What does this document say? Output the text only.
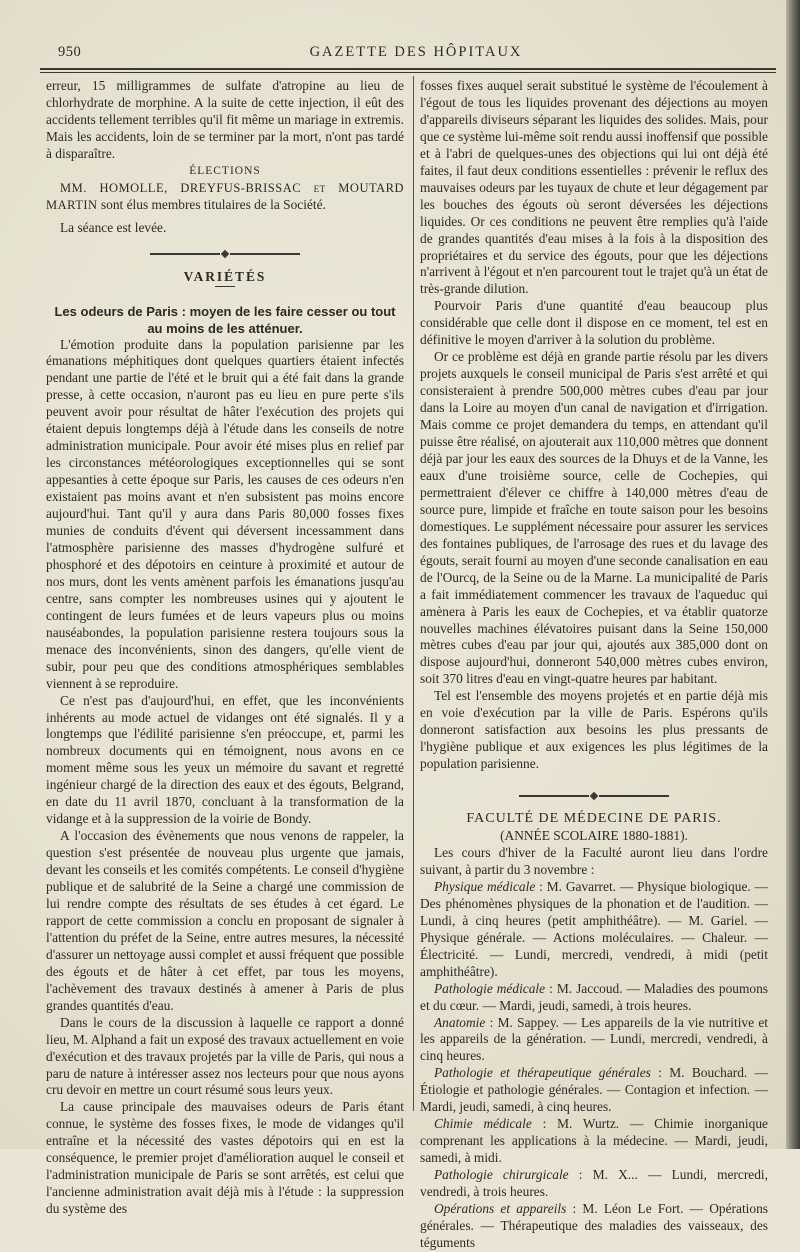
950	GAZETTE DES HÔPITAUX

erreur, 15 milligrammes de sulfate d'atropine au lieu de chlorhydrate de morphine. A la suite de cette injection, il eût des accidents tellement terribles qu'il fit même un mariage in extremis. Mais les accidents, loin de se terminer par la mort, n'ont pas tardé à disparaître.

ÉLECTIONS

MM. HOMOLLE, DREYFUS-BRISSAC et MOUTARD MARTIN sont élus membres titulaires de la Société.

La séance est levée.

VARIÉTÉS

Les odeurs de Paris : moyen de les faire cesser ou tout au moins de les atténuer.

L'émotion produite dans la population parisienne par les émanations méphitiques dont quelques quartiers étaient infectés pendant une partie de l'été et le bruit qui a été fait dans la grande presse, à cette occasion, n'auront pas eu lieu en pure perte s'ils peuvent avoir pour résultat de hâter l'exécution des projets qui étaient depuis longtemps déjà à l'étude dans les conseils de notre administration municipale. Pour avoir été mises plus en relief par les circonstances météorologiques exceptionnelles qui se sont appesanties à cette époque sur Paris, les causes de ces odeurs n'en existaient pas moins avant et n'en subsistent pas moins encore aujourd'hui. Tant qu'il y aura dans Paris 80,000 fosses fixes munies de conduits d'évent qui déversent incessamment dans l'atmosphère parisienne des masses d'hydrogène sulfuré et phosphoré et des dépotoirs en ceinture à proximité et autour de nos murs, dont les vents amènent parfois les émanations jusqu'au centre, sans compter les nombreuses usines qui y ajoutent le contingent de leurs fumées et de leurs vapeurs plus ou moins nauséabondes, la population parisienne restera toujours sous la menace des inconvénients, sinon des dangers, qu'elle vient de subir, pour peu que des conditions atmosphériques semblables viennent à se reproduire.

Ce n'est pas d'aujourd'hui, en effet, que les inconvénients inhérents au mode actuel de vidanges ont été signalés. Il y a longtemps que l'édilité parisienne s'en préoccupe, et, parmi les nombreux documents qui en témoignent, nous avons en ce moment même sous les yeux un mémoire du savant et regretté ingénieur chargé de la direction des eaux et des égouts, Belgrand, en date du 11 avril 1870, concluant à la transformation de la vidange et à la suppression de la voirie de Bondy.

A l'occasion des évènements que nous venons de rappeler, la question s'est présentée de nouveau plus urgente que jamais, devant les conseils et les comités compétents. Le conseil d'hygiène publique et de salubrité de la Seine a chargé une commission de lui rendre compte des résultats de ses études à cet égard. Le rapport de cette commission a conclu en proposant de signaler à l'attention du préfet de la Seine, entre autres mesures, la nécessité d'assurer un nettoyage aussi complet et aussi fréquent que possible des égouts et de hâter à cet effet, par tous les moyens, l'achèvement des travaux destinés à amener à Paris de plus grandes quantités d'eau.

Dans le cours de la discussion à laquelle ce rapport a donné lieu, M. Alphand a fait un exposé des travaux actuellement en voie d'exécution et des travaux projetés par la ville de Paris, qui nous a paru de nature à intéresser assez nos lecteurs pour que nous ayons cru devoir en mettre un court résumé sous leurs yeux.

La cause principale des mauvaises odeurs de Paris étant connue, le système des fosses fixes, le mode de vidanges qu'il entraîne et la nécessité des vastes dépotoirs qui en est la conséquence, le premier projet d'amélioration auquel le conseil et l'administration municipale de Paris se sont arrêtés, est celui que l'ancienne administration avait déjà mis à l'étude : la suppression du système des

fosses fixes auquel serait substitué le système de l'écoulement à l'égout de tous les liquides provenant des déjections au moyen d'appareils diviseurs séparant les liquides des solides. Mais, pour que ce système lui-même soit rendu aussi inoffensif que possible et à l'abri de quelques-unes des objections qui lui ont déjà été faites, il faut deux conditions essentielles : prévenir le reflux des mauvaises odeurs par les tuyaux de chute et leur dégagement par les bouches des égouts où seront déversées les déjections liquides. Or ces conditions ne peuvent être remplies qu'à l'aide de grandes quantités d'eau mises à la fois à la disposition des propriétaires et du service des égouts, pour que les déjections n'arrivent à l'égout et n'en parcourent tout le trajet qu'à un état de très-grande dilution.

Pourvoir Paris d'une quantité d'eau beaucoup plus considérable que celle dont il dispose en ce moment, tel est en définitive le moyen d'arriver à la solution du problème.

Or ce problème est déjà en grande partie résolu par les divers projets auxquels le conseil municipal de Paris s'est arrêté et qui consisteraient à prendre 500,000 mètres cubes d'eau par jour dans la Loire au moyen d'un canal de navigation et d'irrigation. Mais comme ce projet demandera du temps, en attendant qu'il puisse être réalisé, on ajouterait aux 110,000 mètres que donnent déjà par jour les eaux des sources de la Dhuys et de la Vanne, les eaux d'une troisième source, celle de Cochepies, qui permettraient d'élever ce chiffre à 140,000 mètres d'eau de source pure, limpide et fraîche en toute saison pour les besoins domestiques. Le supplément nécessaire pour assurer les services des fontaines publiques, de l'arrosage des rues et du lavage des égouts, serait fourni au moyen d'une seconde canalisation en eau de l'Ourcq, de la Seine ou de la Marne. La municipalité de Paris a fait immédiatement commencer les travaux de l'aqueduc qui amènera à Paris les eaux de Cochepies, et va établir quatorze nouvelles machines élévatoires puisant dans la Seine 150,000 mètres cubes d'eau par jour qui, ajoutés aux 385,000 dont on dispose aujourd'hui, donneront 540,000 mètres cubes environ, soit 370 litres d'eau en vingt-quatre heures par habitant.

Tel est l'ensemble des moyens projetés et en partie déjà mis en voie d'exécution par la ville de Paris. Espérons qu'ils donneront satisfaction aux besoins les plus pressants de l'hygiène publique et aux exigences les plus légitimes de la population parisienne.

FACULTÉ DE MÉDECINE DE PARIS.

(ANNÉE SCOLAIRE 1880-1881).

Les cours d'hiver de la Faculté auront lieu dans l'ordre suivant, à partir du 3 novembre :

Physique médicale : M. Gavarret. — Physique biologique. — Des phénomènes physiques de la phonation et de l'audition. — Lundi, à cinq heures (petit amphithéâtre). — M. Gariel. — Physique générale. — Actions moléculaires. — Chaleur. — Électricité. — Lundi, mercredi, vendredi, à midi (petit amphithéâtre).

Pathologie médicale : M. Jaccoud. — Maladies des poumons et du cœur. — Mardi, jeudi, samedi, à trois heures.

Anatomie : M. Sappey. — Les appareils de la vie nutritive et les appareils de la génération. — Lundi, mercredi, vendredi, à cinq heures.

Pathologie et thérapeutique générales : M. Bouchard. — Étiologie et pathologie générales. — Contagion et infection. — Mardi, jeudi, samedi, à cinq heures.

Chimie médicale : M. Wurtz. — Chimie inorganique comprenant les applications à la médecine. — Mardi, jeudi, samedi, à midi.

Pathologie chirurgicale : M. X... — Lundi, mercredi, vendredi, à trois heures.

Opérations et appareils : M. Léon Le Fort. — Opérations générales. — Thérapeutique des maladies des vaisseaux, des téguments
